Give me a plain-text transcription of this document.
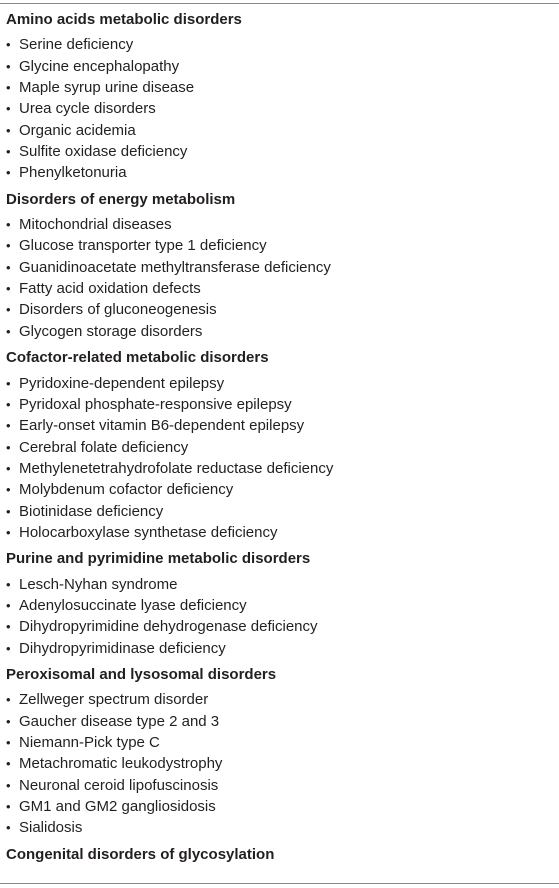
Amino acids metabolic disorders
• Serine deficiency
• Glycine encephalopathy
• Maple syrup urine disease
• Urea cycle disorders
• Organic acidemia
• Sulfite oxidase deficiency
• Phenylketonuria
Disorders of energy metabolism
• Mitochondrial diseases
• Glucose transporter type 1 deficiency
• Guanidinoacetate methyltransferase deficiency
• Fatty acid oxidation defects
• Disorders of gluconeogenesis
• Glycogen storage disorders
Cofactor-related metabolic disorders
• Pyridoxine-dependent epilepsy
• Pyridoxal phosphate-responsive epilepsy
• Early-onset vitamin B6-dependent epilepsy
• Cerebral folate deficiency
• Methylenetetrahydrofolate reductase deficiency
• Molybdenum cofactor deficiency
• Biotinidase deficiency
• Holocarboxylase synthetase deficiency
Purine and pyrimidine metabolic disorders
• Lesch-Nyhan syndrome
• Adenylosuccinate lyase deficiency
• Dihydropyrimidine dehydrogenase deficiency
• Dihydropyrimidinase deficiency
Peroxisomal and lysosomal disorders
• Zellweger spectrum disorder
• Gaucher disease type 2 and 3
• Niemann-Pick type C
• Metachromatic leukodystrophy
• Neuronal ceroid lipofuscinosis
• GM1 and GM2 gangliosidosis
• Sialidosis
Congenital disorders of glycosylation
